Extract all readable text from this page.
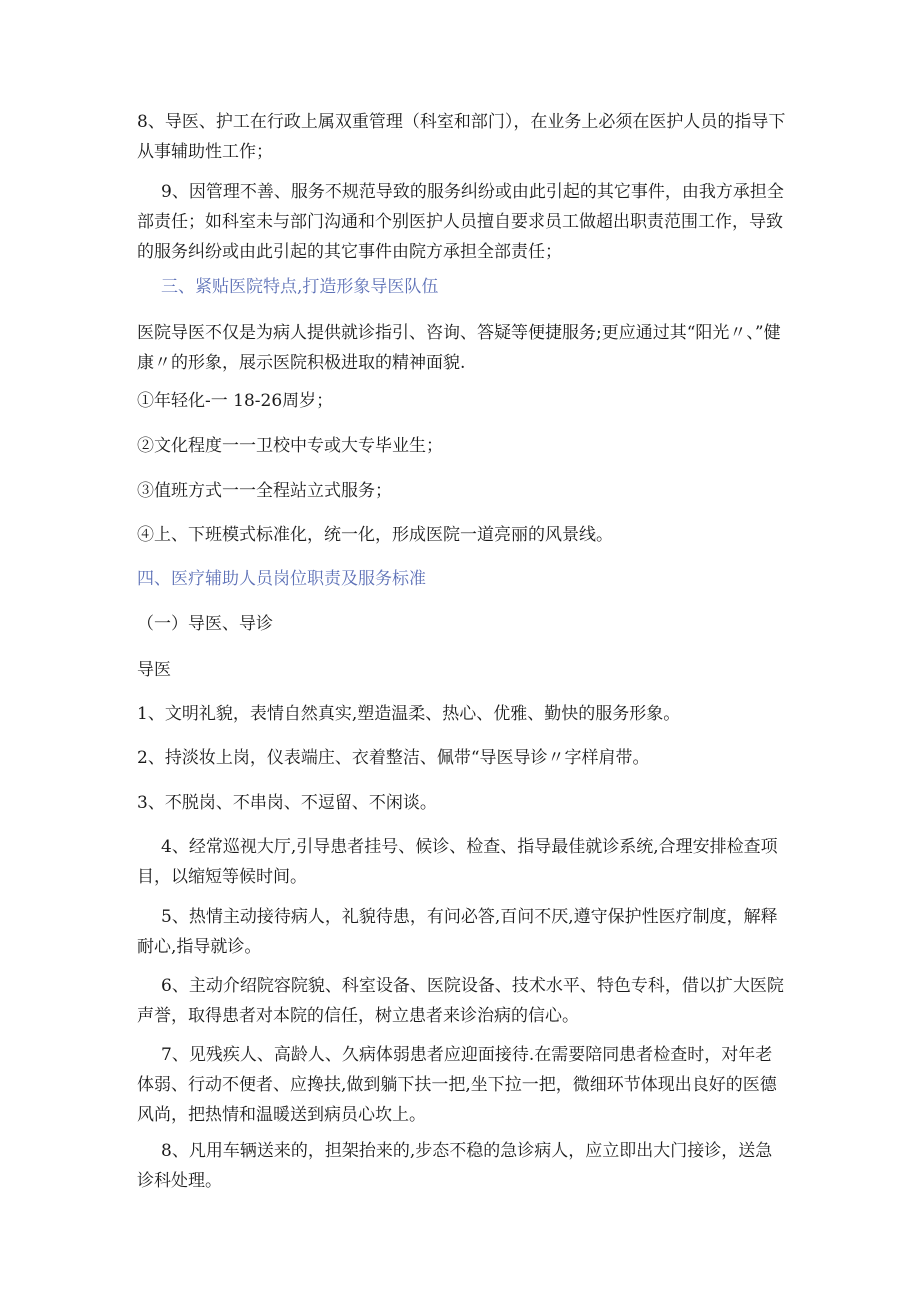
8、导医、护工在行政上属双重管理（科室和部门），在业务上必须在医护人员的指导下从事辅助性工作；

9、因管理不善、服务不规范导致的服务纠纷或由此引起的其它事件，由我方承担全部责任；如科室未与部门沟通和个别医护人员擅自要求员工做超出职责范围工作，导致的服务纠纷或由此引起的其它事件由院方承担全部责任；

三、紧贴医院特点,打造形象导医队伍

医院导医不仅是为病人提供就诊指引、咨询、答疑等便捷服务;更应通过其“阳光〃、”健康〃的形象，展示医院积极进取的精神面貌.

①年轻化-一 18-26周岁；

②文化程度一一卫校中专或大专毕业生；

③值班方式一一全程站立式服务；

④上、下班模式标准化，统一化，形成医院一道亮丽的风景线。

四、医疗辅助人员岗位职责及服务标准

（一）导医、导诊

导医

1、文明礼貌，表情自然真实,塑造温柔、热心、优雅、勤快的服务形象。

2、持淡妆上岗，仪表端庄、衣着整洁、佩带“导医导诊〃字样肩带。

3、不脱岗、不串岗、不逗留、不闲谈。

4、经常巡视大厅,引导患者挂号、候诊、检查、指导最佳就诊系统,合理安排检查项目，以缩短等候时间。

5、热情主动接待病人，礼貌待患，有问必答,百问不厌,遵守保护性医疗制度，解释耐心,指导就诊。

6、主动介绍院容院貌、科室设备、医院设备、技术水平、特色专科，借以扩大医院声誉，取得患者对本院的信任，树立患者来诊治病的信心。

7、见残疾人、高龄人、久病体弱患者应迎面接待.在需要陪同患者检查时，对年老体弱、行动不便者、应搀扶,做到躺下扶一把,坐下拉一把，微细环节体现出良好的医德风尚，把热情和温暖送到病员心坎上。

8、凡用车辆送来的，担架抬来的,步态不稳的急诊病人，应立即出大门接诊，送急诊科处理。
